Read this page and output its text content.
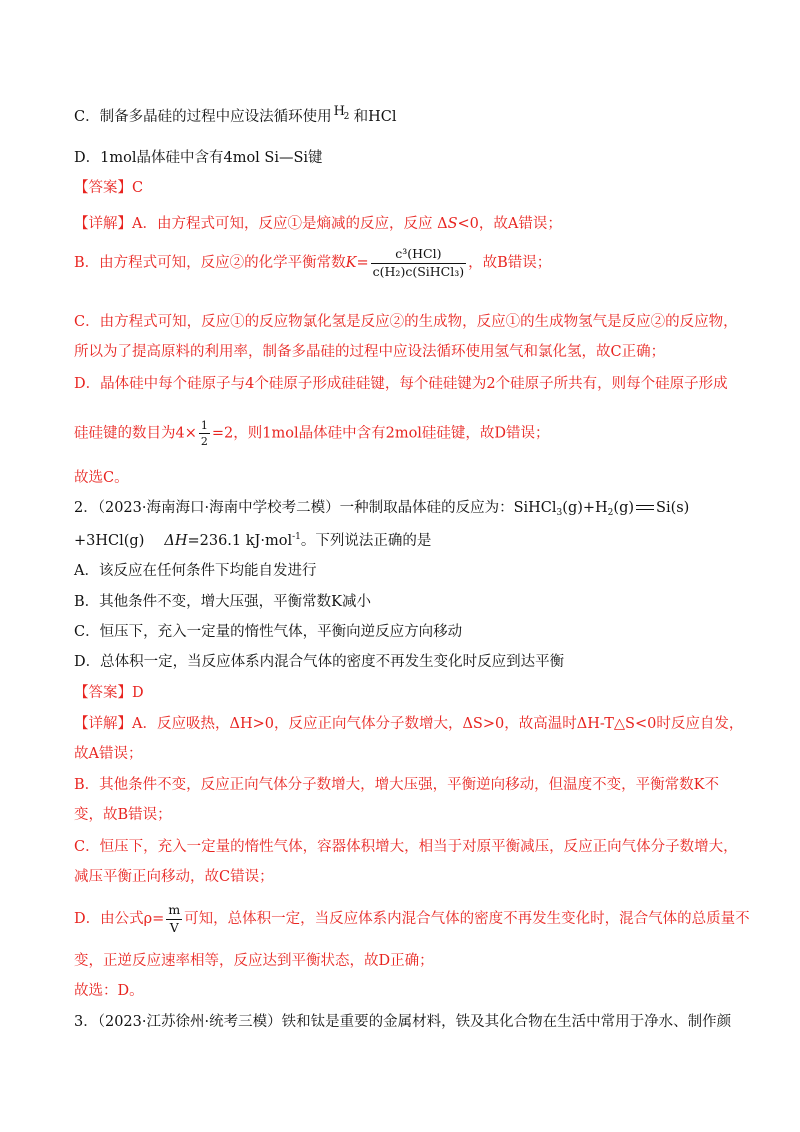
C．制备多晶硅的过程中应设法循环使用 H
2 和HCl
D．1mol晶体硅中含有4mol Si—Si键
【答案】C
【详解】A．由方程式可知，反应①是熵减的反应，反应 ΔS<0，故A错误；
B．由方程式可知，反应②的化学平衡常数$K= \frac{\text{c³(HCl)}}{\text{c(H₂)c(SiHCl₃)}}$ ，故B错误；
C．由方程式可知，反应①的反应物氯化氢是反应②的生成物，反应①的生成物氢气是反应②的反应物，
所以为了提高原料的利用率，制备多晶硅的过程中应设法循环使用氢气和氯化氢，故C正确；
D．晶体硅中每个硅原子与4个硅原子形成硅硅键，每个硅硅键为2个硅原子所共有，则每个硅原子形成
硅硅键的数目为$4\times \frac{1}{2} =2$，则1mol晶体硅中含有2mol硅硅键，故D错误；
故选C。
2．（2023·海南海口·海南中学校考二模）一种制取晶体硅的反应为：$SiHCl_3(g)+H_2(g)$ Si(s)
+3HCl(g) ΔH=236.1 kJ·mol$^{-1}$。下列说法正确的是
A．该反应在任何条件下均能自发进行
B．其他条件不变，增大压强，平衡常数K减小
C．恒压下，充入一定量的惰性气体，平衡向逆反应方向移动
D．总体积一定，当反应体系内混合气体的密度不再发生变化时反应到达平衡
【答案】D
【详解】A．反应吸热，ΔH>0，反应正向气体分子数增大，ΔS>0，故高温时ΔH-T△S<0时反应自发，
故A错误；
B．其他条件不变，反应正向气体分子数增大，增大压强，平衡逆向移动，但温度不变，平衡常数K不
变，故B错误；
C．恒压下，充入一定量的惰性气体，容器体积增大，相当于对原平衡减压，反应正向气体分子数增大，
减压平衡正向移动，故C错误；
D．由公式$\rho= \frac{m}{V}$ 可知，总体积一定，当反应体系内混合气体的密度不再发生变化时，混合气体的总质量不
变，正逆反应速率相等，反应达到平衡状态，故D正确；
故选：D。
3．（2023·江苏徐州·统考三模）铁和钛是重要的金属材料，铁及其化合物在生活中常用于净水、制作颜
